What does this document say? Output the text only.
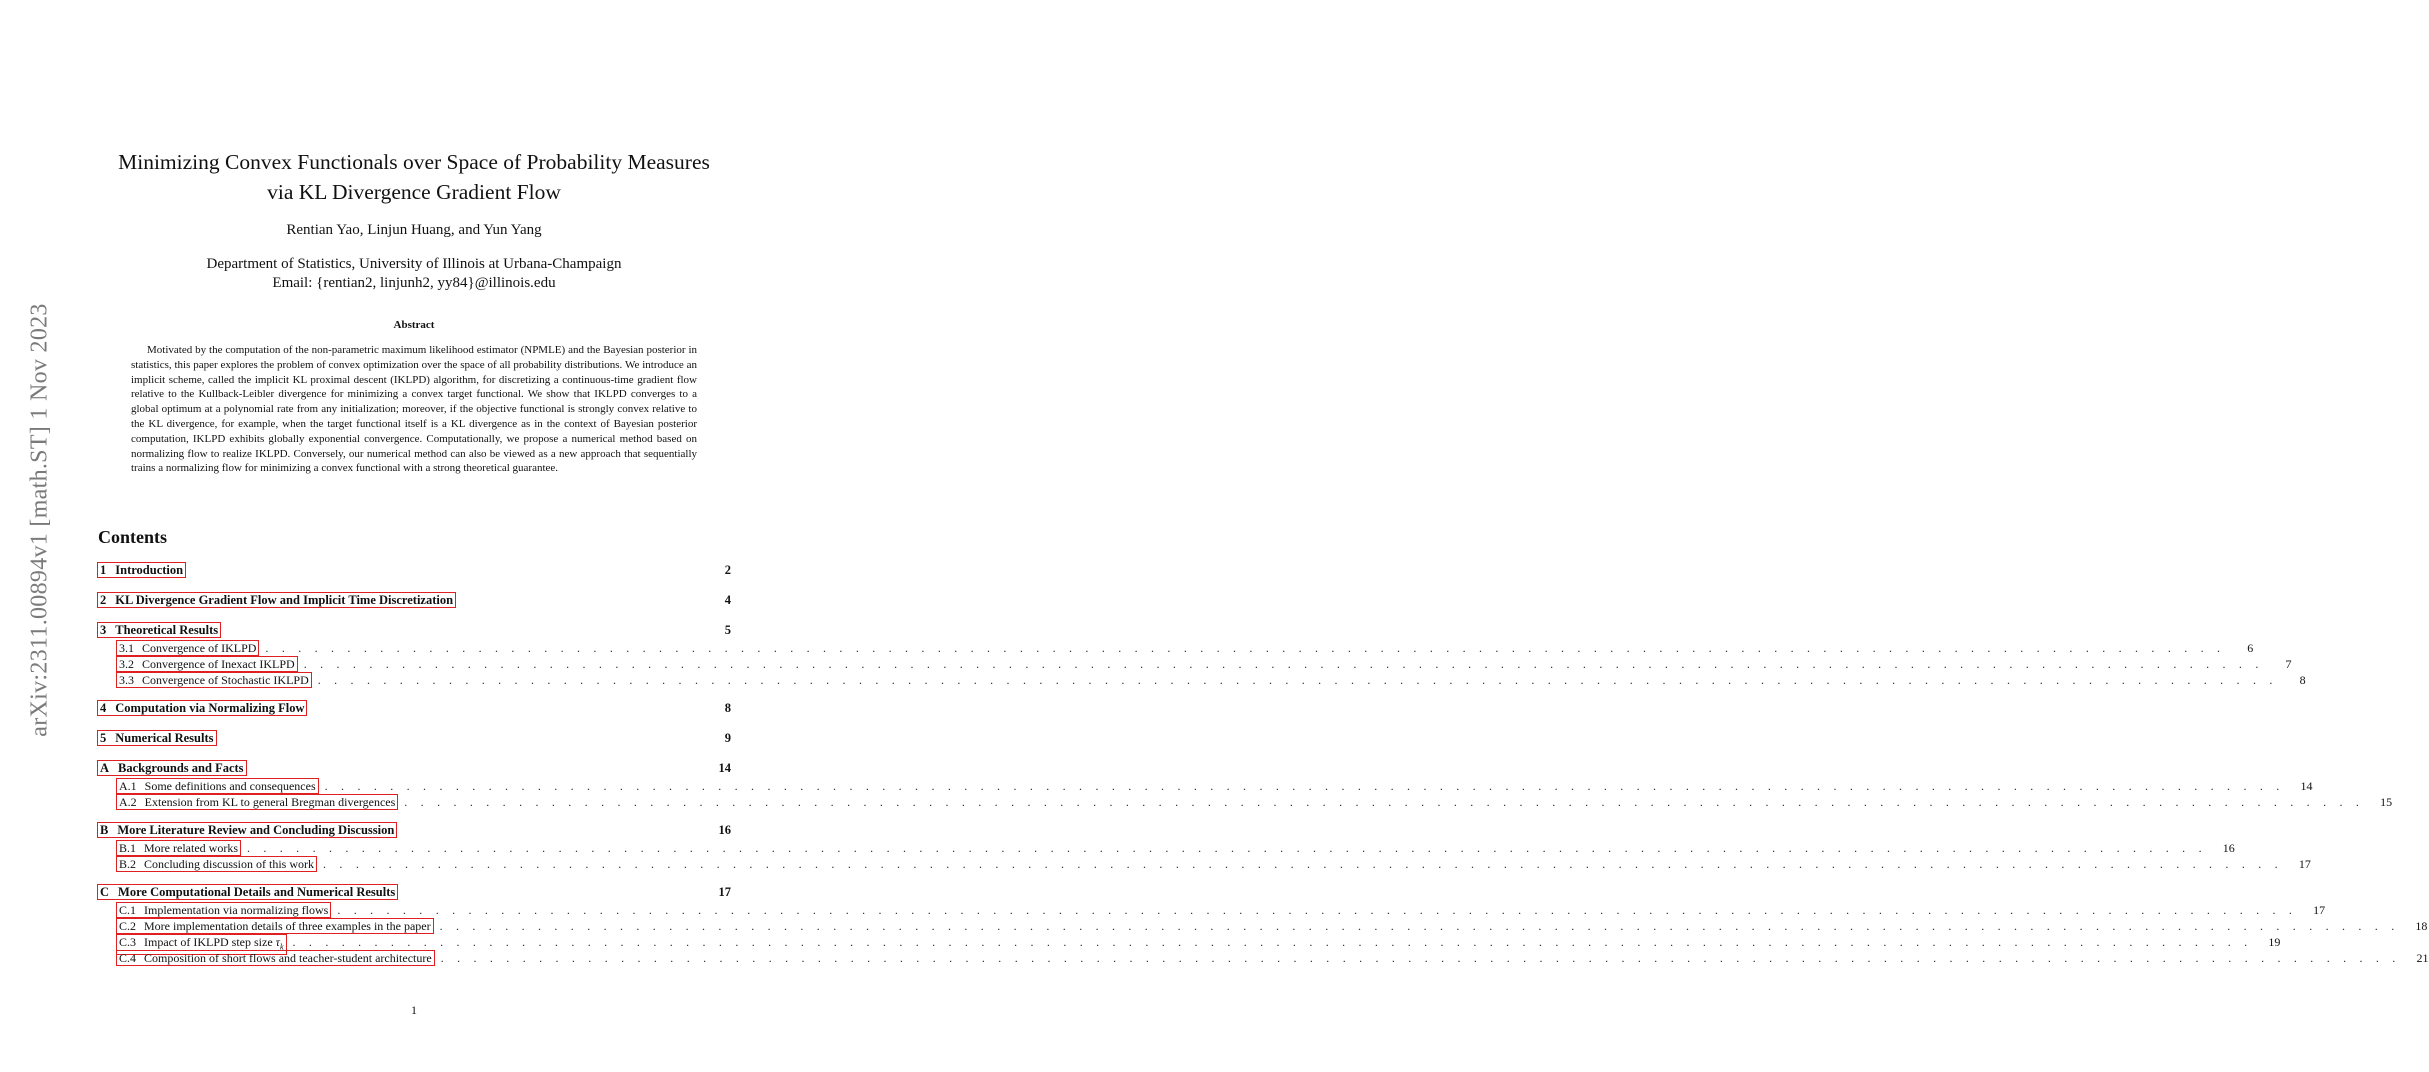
arXiv:2311.00894v1 [math.ST] 1 Nov 2023
Minimizing Convex Functionals over Space of Probability Measures
via KL Divergence Gradient Flow
Rentian Yao, Linjun Huang, and Yun Yang
Department of Statistics, University of Illinois at Urbana-Champaign
Email: {rentian2, linjunh2, yy84}@illinois.edu
Abstract
Motivated by the computation of the non-parametric maximum likelihood estimator (NPMLE) and the Bayesian posterior in statistics, this paper explores the problem of convex optimization over the space of all probability distributions. We introduce an implicit scheme, called the implicit KL proximal descent (IKLPD) algorithm, for discretizing a continuous-time gradient flow relative to the Kullback-Leibler divergence for minimizing a convex target functional. We show that IKLPD converges to a global optimum at a polynomial rate from any initialization; moreover, if the objective functional is strongly convex relative to the KL divergence, for example, when the target functional itself is a KL divergence as in the context of Bayesian posterior computation, IKLPD exhibits globally exponential convergence. Computationally, we propose a numerical method based on normalizing flow to realize IKLPD. Conversely, our numerical method can also be viewed as a new approach that sequentially trains a normalizing flow for minimizing a convex functional with a strong theoretical guarantee.
Contents
1 Introduction	2
2 KL Divergence Gradient Flow and Implicit Time Discretization	4
3 Theoretical Results	5
3.1 Convergence of IKLPD . . . . . . . . . . . . . . . . . . . . . . . . . . . . . . . . . . . . . . . . . . . . . . . . . . . . . . . . . . . . . . . . . . . . . . . . . . . . . . . . . . . . . . . . . . . . . . . . . . . . . . . . . . . . . . . . . . . . . . . .	6
3.2 Convergence of Inexact IKLPD . . . . . . . . . . . . . . . . . . . . . . . . . . . . . . . . . . . . . . . . . . . . . . . . . . . . . . . . . . . . . . . . . . . . . . . . . . . . . . . . . . . . . . . . . . . . . . . . . . . . . . . . . . . . . . . . . . . . . . . .	7
3.3 Convergence of Stochastic IKLPD . . . . . . . . . . . . . . . . . . . . . . . . . . . . . . . . . . . . . . . . . . . . . . . . . . . . . . . . . . . . . . . . . . . . . . . . . . . . . . . . . . . . . . . . . . . . . . . . . . . . . . . . . . . . . . . . . . . . . . . .	8
4 Computation via Normalizing Flow	8
5 Numerical Results	9
A Backgrounds and Facts	14
A.1 Some definitions and consequences . . . . . . . . . . . . . . . . . . . . . . . . . . . . . . . . . . . . . . . . . . . . . . . . . . . . . . . . . . . . . . . . . . . . . . . . . . . . . . . . . . . . . . . . . . . . . . . . . . . . . . . . . . . . . . . . . . . . . . . .	14
A.2 Extension from KL to general Bregman divergences . . . . . . . . . . . . . . . . . . . . . . . . . . . . . . . . . . . . . . . . . . . . . . . . . . . . . . . . . . . . . . . . . . . . . . . . . . . . . . . . . . . . . . . . . . . . . . . . . . . . . . . . . . . . . . . . . . . . . . . .	15
B More Literature Review and Concluding Discussion	16
B.1 More related works . . . . . . . . . . . . . . . . . . . . . . . . . . . . . . . . . . . . . . . . . . . . . . . . . . . . . . . . . . . . . . . . . . . . . . . . . . . . . . . . . . . . . . . . . . . . . . . . . . . . . . . . . . . . . . . . . . . . . . . .	16
B.2 Concluding discussion of this work . . . . . . . . . . . . . . . . . . . . . . . . . . . . . . . . . . . . . . . . . . . . . . . . . . . . . . . . . . . . . . . . . . . . . . . . . . . . . . . . . . . . . . . . . . . . . . . . . . . . . . . . . . . . . . . . . . . . . . . .	17
C More Computational Details and Numerical Results	17
C.1 Implementation via normalizing flows . . . . . . . . . . . . . . . . . . . . . . . . . . . . . . . . . . . . . . . . . . . . . . . . . . . . . . . . . . . . . . . . . . . . . . . . . . . . . . . . . . . . . . . . . . . . . . . . . . . . . . . . . . . . . . . . . . . . . . . .	17
C.2 More implementation details of three examples in the paper . . . . . . . . . . . . . . . . . . . . . . . . . . . . . . . . . . . . . . . . . . . . . . . . . . . . . . . . . . . . . . . . . . . . . . . . . . . . . . . . . . . . . . . . . . . . . . . . . . . . . . . . . . . . . . . . . . . . . . . .	18
C.3 Impact of IKLPD step size $\tau_k$ . . . . . . . . . . . . . . . . . . . . . . . . . . . . . . . . . . . . . . . . . . . . . . . . . . . . . . . . . . . . . . . . . . . . . . . . . . . . . . . . . . . . . . . . . . . . . . . . . . . . . . . . . . . . . . . . . . . . . . . .	19
C.4 Composition of short flows and teacher-student architecture . . . . . . . . . . . . . . . . . . . . . . . . . . . . . . . . . . . . . . . . . . . . . . . . . . . . . . . . . . . . . . . . . . . . . . . . . . . . . . . . . . . . . . . . . . . . . . . . . . . . . . . . . . . . . . . . . . . . . . . .	21
1
